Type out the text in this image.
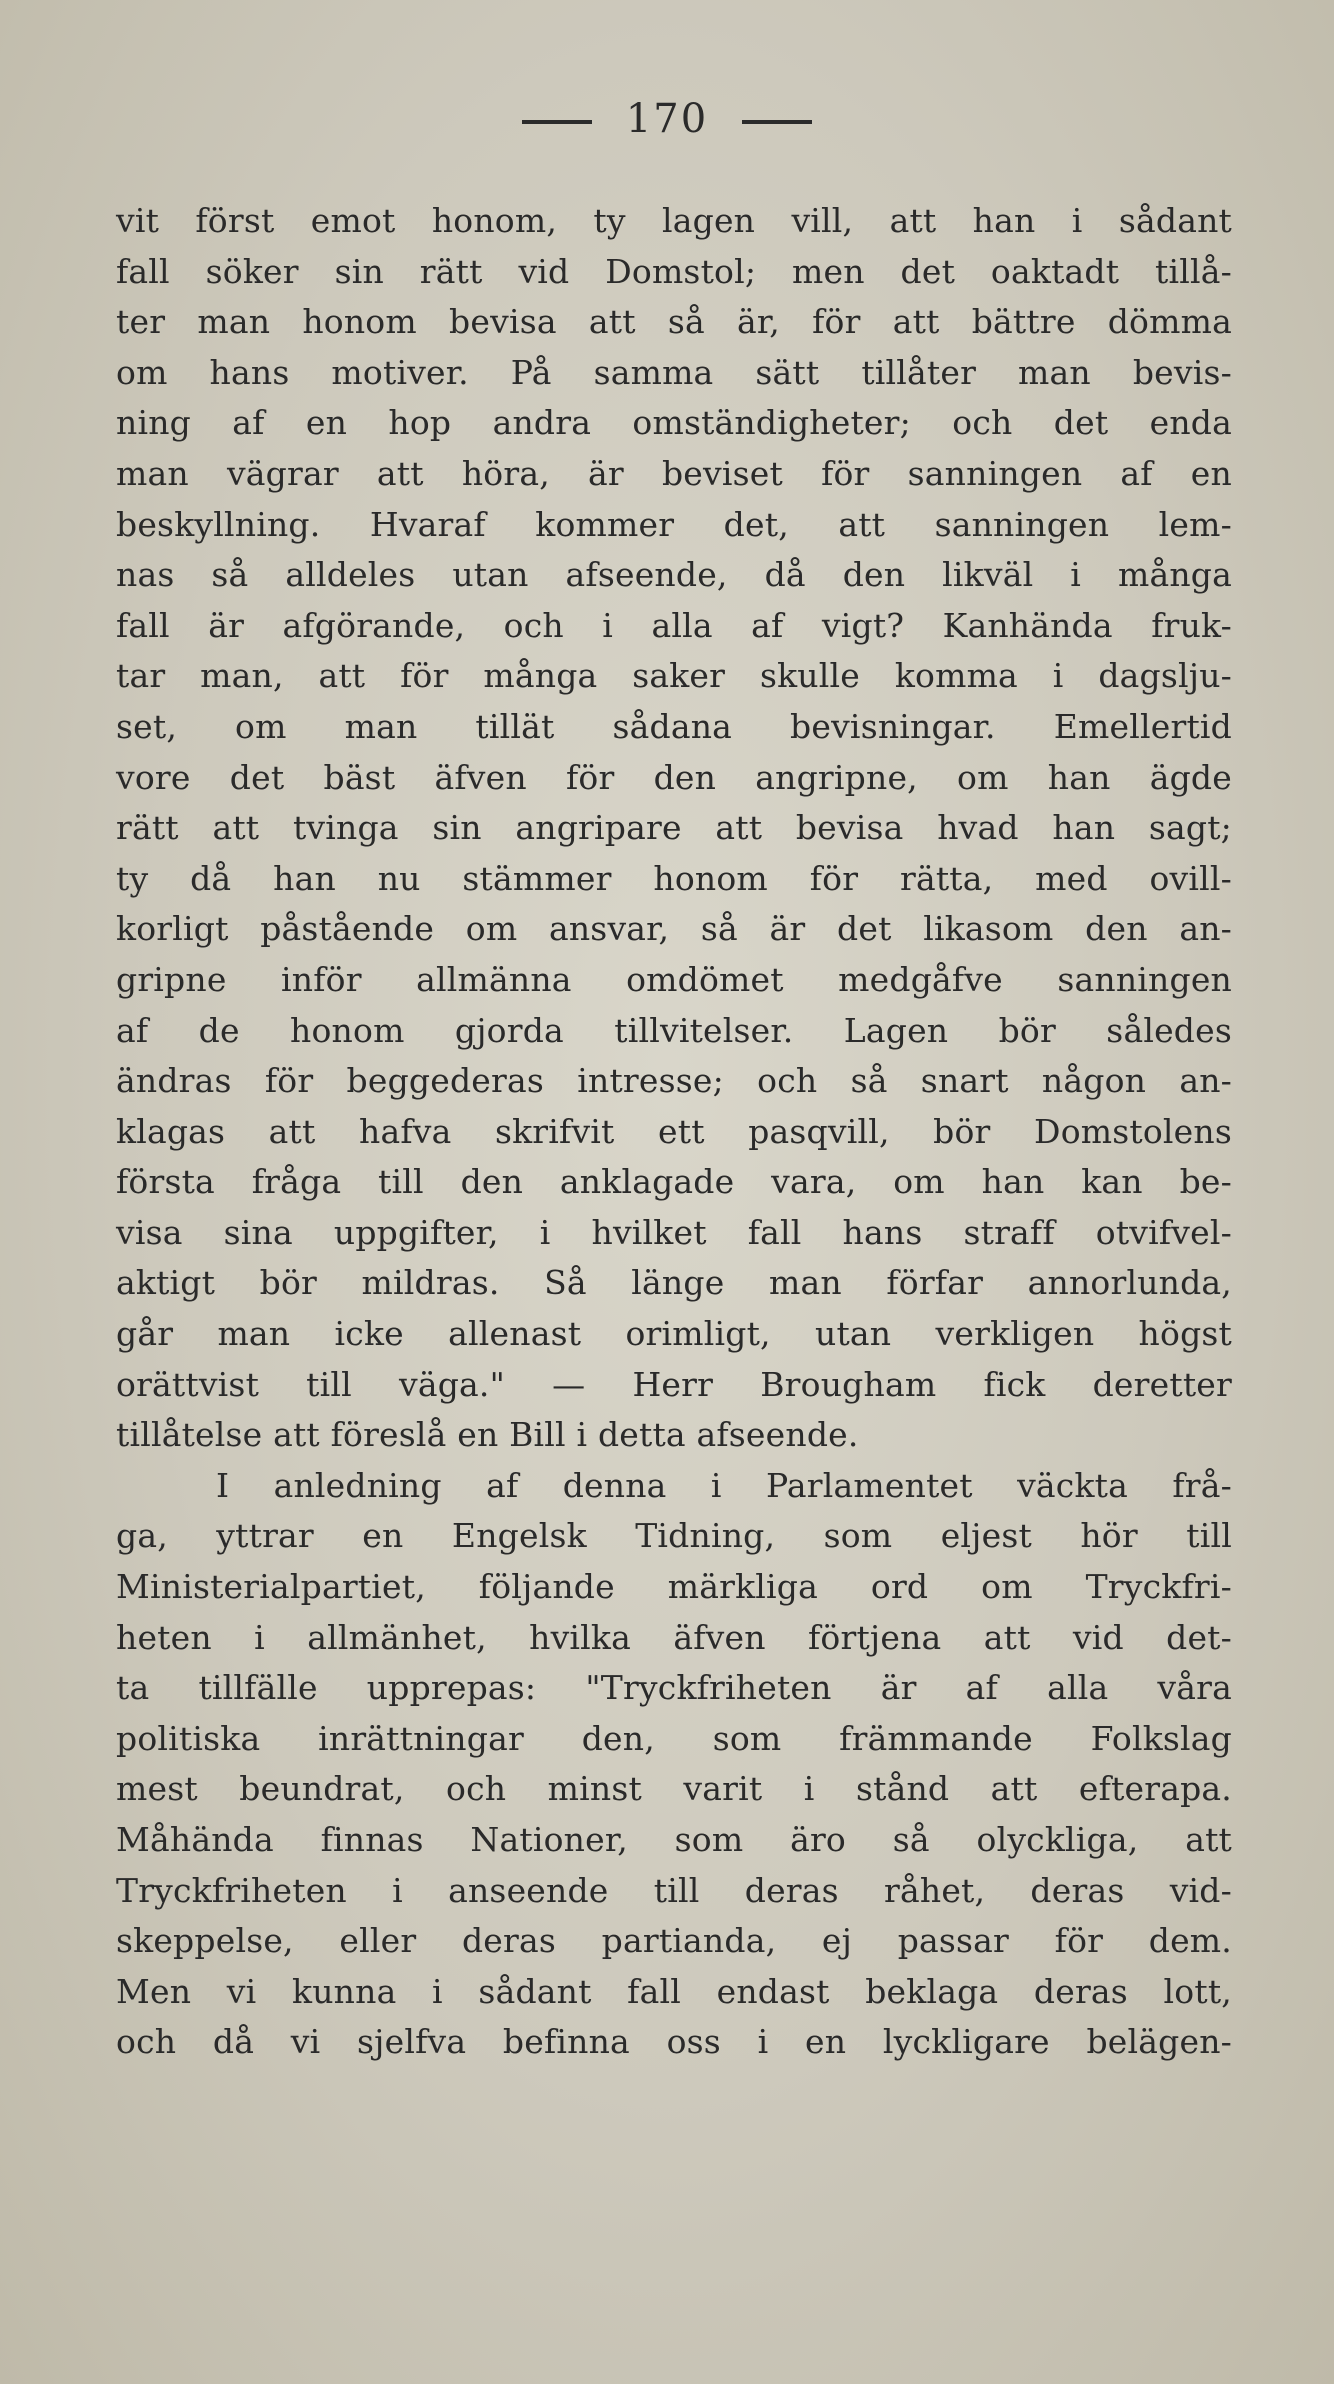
170
vit först emot honom, ty lagen vill, att han i sådant
fall söker sin rätt vid Domstol; men det oaktadt tillå-
ter man honom bevisa att så är, för att bättre dömma
om hans motiver. På samma sätt tillåter man bevis-
ning af en hop andra omständigheter; och det enda
man vägrar att höra, är beviset för sanningen af en
beskyllning. Hvaraf kommer det, att sanningen lem-
nas så alldeles utan afseende, då den likväl i många
fall är afgörande, och i alla af vigt? Kanhända fruk-
tar man, att för många saker skulle komma i dagslju-
set, om man tillät sådana bevisningar. Emellertid
vore det bäst äfven för den angripne, om han ägde
rätt att tvinga sin angripare att bevisa hvad han sagt;
ty då han nu stämmer honom för rätta, med ovill-
korligt påstående om ansvar, så är det likasom den an-
gripne inför allmänna omdömet medgåfve sanningen
af de honom gjorda tillvitelser. Lagen bör således
ändras för beggederas intresse; och så snart någon an-
klagas att hafva skrifvit ett pasqvill, bör Domstolens
första fråga till den anklagade vara, om han kan be-
visa sina uppgifter, i hvilket fall hans straff otvifvel-
aktigt bör mildras. Så länge man förfar annorlunda,
går man icke allenast orimligt, utan verkligen högst
orättvist till väga." — Herr Brougham fick deretter
tillåtelse att föreslå en Bill i detta afseende.
I anledning af denna i Parlamentet väckta frå-
ga, yttrar en Engelsk Tidning, som eljest hör till
Ministerialpartiet, följande märkliga ord om Tryckfri-
heten i allmänhet, hvilka äfven förtjena att vid det-
ta tillfälle upprepas: "Tryckfriheten är af alla våra
politiska inrättningar den, som främmande Folkslag
mest beundrat, och minst varit i stånd att efterapa.
Måhända finnas Nationer, som äro så olyckliga, att
Tryckfriheten i anseende till deras råhet, deras vid-
skeppelse, eller deras partianda, ej passar för dem.
Men vi kunna i sådant fall endast beklaga deras lott,
och då vi sjelfva befinna oss i en lyckligare belägen-
